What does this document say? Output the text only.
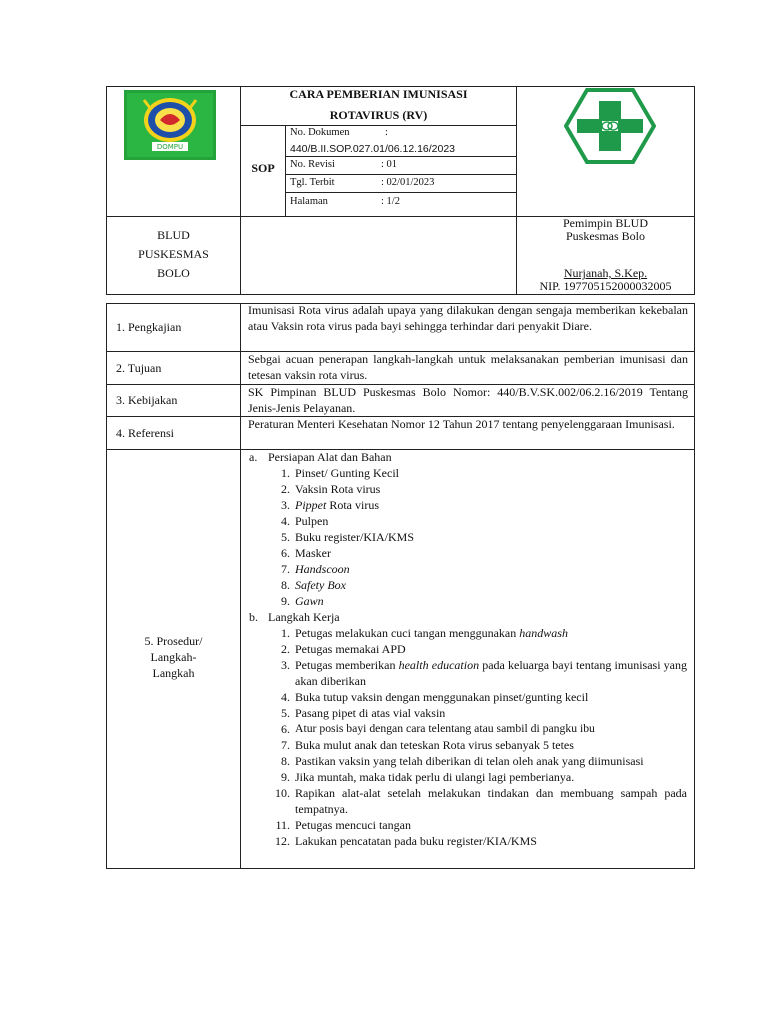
DOMPU
CARA PEMBERIAN IMUNISASI
ROTAVIRUS (RV)
SOP
No. Dokumen	:
440/B.II.SOP.027.01/06.12.16/2023
No. Revisi	: 01
Tgl. Terbit	: 02/01/2023
Halaman	: 1/2
BLUD
PUSKESMAS
BOLO
Pemimpin BLUD
Puskesmas Bolo
Nurjanah, S.Kep.
NIP. 197705152000032005
1. Pengkajian

Imunisasi Rota virus adalah upaya yang dilakukan dengan sengaja memberikan kekebalan atau Vaksin rota virus pada bayi sehingga terhindar dari penyakit Diare.

2. Tujuan

Sebgai acuan penerapan langkah-langkah untuk melaksanakan pemberian imunisasi dan tetesan vaksin rota virus.

3. Kebijakan

SK Pimpinan BLUD Puskesmas Bolo Nomor: 440/B.V.SK.002/06.2.16/2019 Tentang Jenis-Jenis Pelayanan.

4. Referensi

Peraturan Menteri Kesehatan Nomor 12 Tahun 2017 tentang penyelenggaraan Imunisasi.

5. Prosedur/
Langkah-
Langkah
a. Persiapan Alat dan Bahan
1. Pinset/ Gunting Kecil
2. Vaksin Rota virus
3. Pippet Rota virus
4. Pulpen
5. Buku register/KIA/KMS
6. Masker
7. Handscoon
8. Safety Box
9. Gawn
b. Langkah Kerja
1. Petugas melakukan cuci tangan menggunakan handwash
2. Petugas memakai APD
3. Petugas memberikan health education pada keluarga bayi tentang imunisasi yang akan diberikan
4. Buka tutup vaksin dengan menggunakan pinset/gunting kecil
5. Pasang pipet di atas vial vaksin
6. Atur posis bayi dengan cara telentang atau sambil di pangku ibu
7. Buka mulut anak dan teteskan Rota virus sebanyak 5 tetes
8. Pastikan vaksin yang telah diberikan di telan oleh anak yang diimunisasi
9. Jika muntah, maka tidak perlu di ulangi lagi pemberianya.
10. Rapikan alat-alat setelah melakukan tindakan dan membuang sampah pada tempatnya.
11. Petugas mencuci tangan
12. Lakukan pencatatan pada buku register/KIA/KMS
